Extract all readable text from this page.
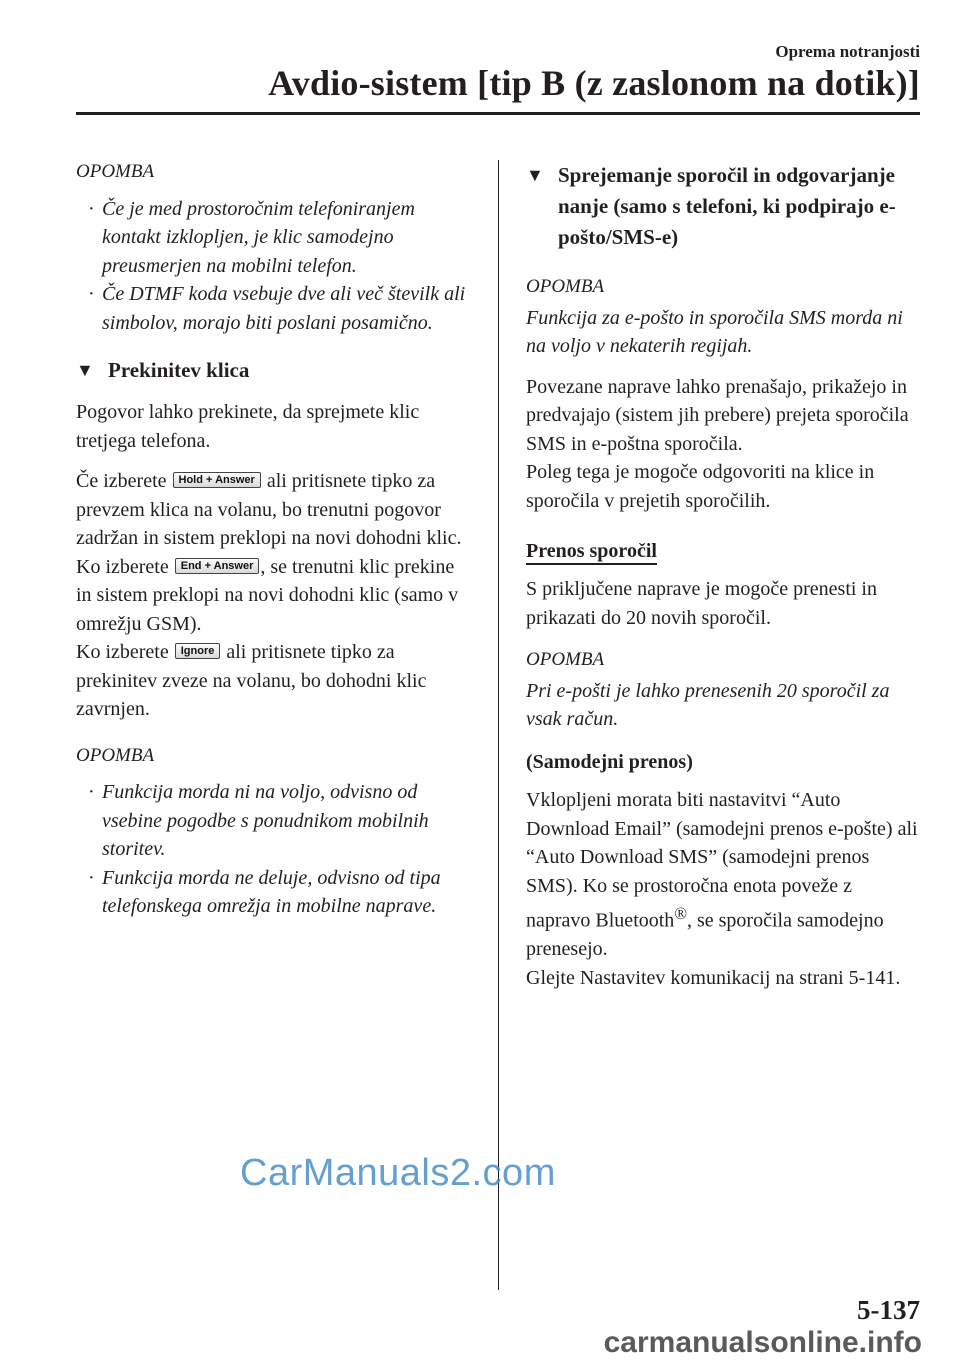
Oprema notranjosti
Avdio-sistem [tip B (z zaslonom na dotik)]
OPOMBA
· Če je med prostoročnim telefoniranjem kontakt izklopljen, je klic samodejno preusmerjen na mobilni telefon.
· Če DTMF koda vsebuje dve ali več številk ali simbolov, morajo biti poslani posamično.
▼ Prekinitev klica

Pogovor lahko prekinete, da sprejmete klic tretjega telefona.

Če izberete Hold + Answer ali pritisnete tipko za prevzem klica na volanu, bo trenutni pogovor zadržan in sistem preklopi na novi dohodni klic.

Ko izberete End + Answer , se trenutni klic prekine in sistem preklopi na novi dohodni klic (samo v omrežju GSM).

Ko izberete Ignore ali pritisnete tipko za prekinitev zveze na volanu, bo dohodni klic zavrnjen.

OPOMBA
· Funkcija morda ni na voljo, odvisno od vsebine pogodbe s ponudnikom mobilnih storitev.
· Funkcija morda ne deluje, odvisno od tipa telefonskega omrežja in mobilne naprave.
▼ Sprejemanje sporočil in odgovarjanje nanje (samo s telefoni, ki podpirajo e-pošto/SMS-e)
OPOMBA

Funkcija za e-pošto in sporočila SMS morda ni na voljo v nekaterih regijah.

Povezane naprave lahko prenašajo, prikažejo in predvajajo (sistem jih prebere) prejeta sporočila SMS in e-poštna sporočila.

Poleg tega je mogoče odgovoriti na klice in sporočila v prejetih sporočilih.

Prenos sporočil

S priključene naprave je mogoče prenesti in prikazati do 20 novih sporočil.

OPOMBA

Pri e-pošti je lahko prenesenih 20 sporočil za vsak račun.

(Samodejni prenos)

Vklopljeni morata biti nastavitvi “Auto Download Email” (samodejni prenos e-pošte) ali “Auto Download SMS” (samodejni prenos SMS). Ko se prostoročna enota poveže z napravo Bluetooth®, se sporočila samodejno prenesejo.

Glejte Nastavitev komunikacij na strani 5-141.

CarManuals2.com
5-137
carmanualsonline.info
